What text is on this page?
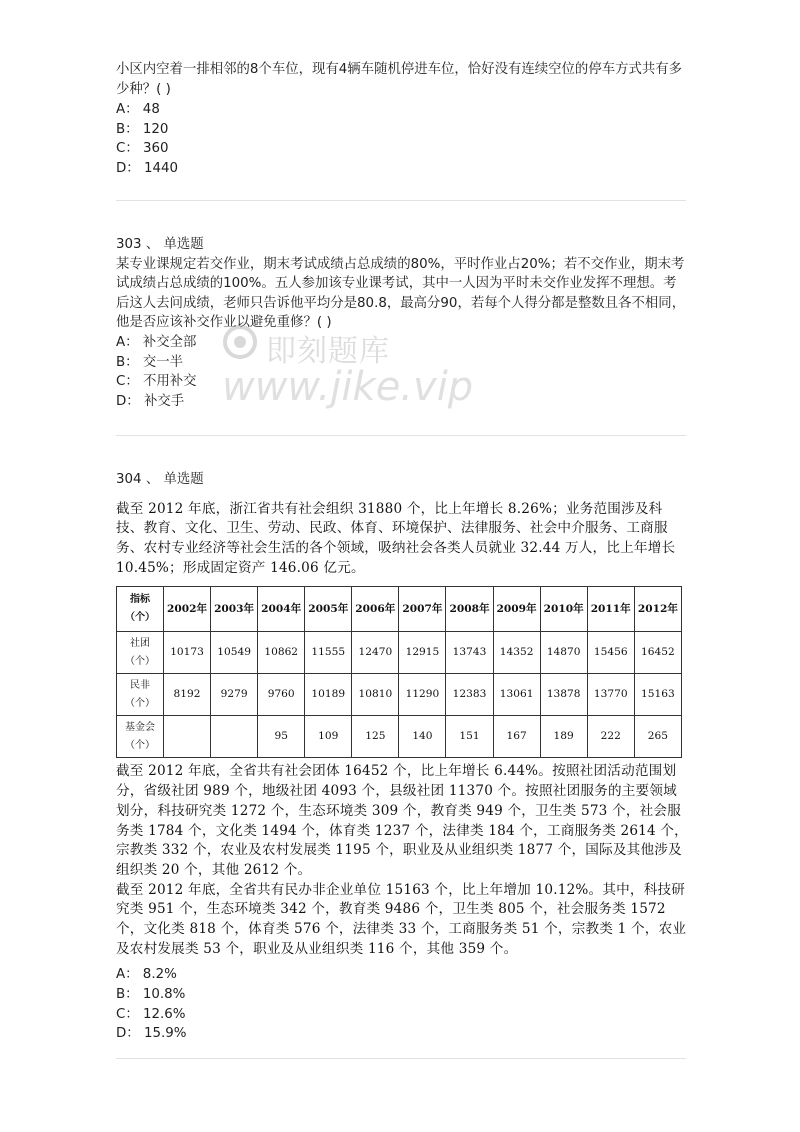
小区内空着一排相邻的8个车位，现有4辆车随机停进车位，恰好没有连续空位的停车方式共有多少种？( )

A： 48

B： 120

C： 360

D： 1440

303 、 单选题

某专业课规定若交作业，期末考试成绩占总成绩的80%，平时作业占20%；若不交作业，期末考试成绩占总成绩的100%。五人参加该专业课考试，其中一人因为平时未交作业发挥不理想。考后这人去问成绩，老师只告诉他平均分是80.8，最高分90，若每个人得分都是整数且各不相同，他是否应该补交作业以避免重修？( )

A： 补交全部

B： 交一半

C： 不用补交

D： 补交手

即刻题库
www.jike.vip

304 、 单选题

截至 2012 年底，浙江省共有社会组织 31880 个，比上年增长 8.26%；业务范围涉及科技、教育、文化、卫生、劳动、民政、体育、环境保护、法律服务、社会中介服务、工商服务、农村专业经济等社会生活的各个领域，吸纳社会各类人员就业 32.44 万人，比上年增长 10.45%；形成固定资产 146.06 亿元。

指标
（个）	2002年	2003年	2004年	2005年	2006年	2007年	2008年	2009年	2010年	2011年	2012年
社团
（个）	10173	10549	10862	11555	12470	12915	13743	14352	14870	15456	16452
民非
（个）	8192	9279	9760	10189	10810	11290	12383	13061	13878	13770	15163
基金会
（个）			95	109	125	140	151	167	189	222	265

截至 2012 年底，全省共有社会团体 16452 个，比上年增长 6.44%。按照社团活动范围划分，省级社团 989 个，地级社团 4093 个，县级社团 11370 个。按照社团服务的主要领域划分，科技研究类 1272 个，生态环境类 309 个，教育类 949 个，卫生类 573 个，社会服务类 1784 个，文化类 1494 个，体育类 1237 个，法律类 184 个，工商服务类 2614 个，宗教类 332 个，农业及农村发展类 1195 个，职业及从业组织类 1877 个，国际及其他涉及组织类 20 个，其他 2612 个。

截至 2012 年底，全省共有民办非企业单位 15163 个，比上年增加 10.12%。其中，科技研究类 951 个，生态环境类 342 个，教育类 9486 个，卫生类 805 个，社会服务类 1572 个，文化类 818 个，体育类 576 个，法律类 33 个，工商服务类 51 个，宗教类 1 个，农业及农村发展类 53 个，职业及从业组织类 116 个，其他 359 个。

A： 8.2%

B： 10.8%

C： 12.6%

D： 15.9%
